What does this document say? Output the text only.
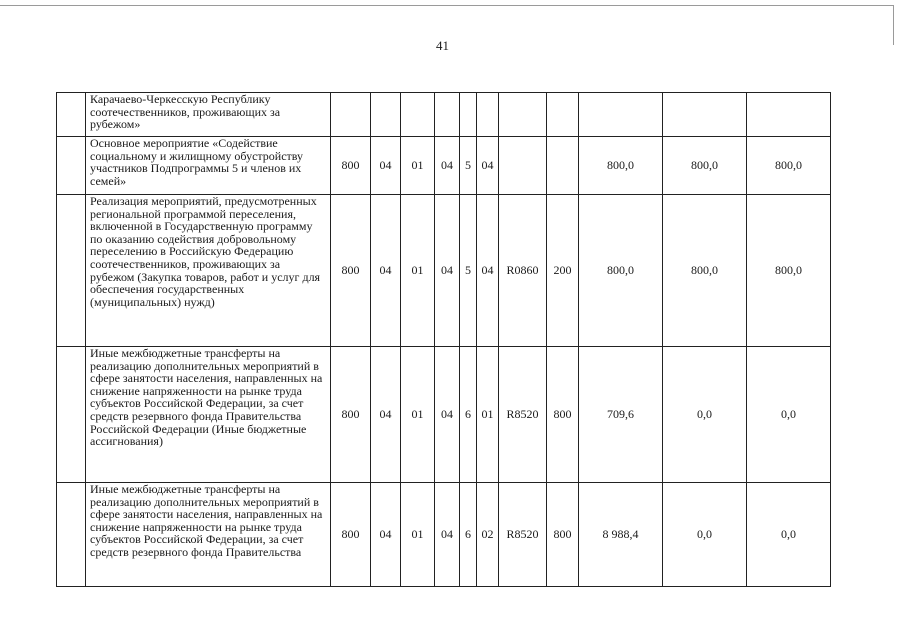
41
	Карачаево-Черкесскую Республику соотечественников, проживающих за рубежом»											
	Основное мероприятие «Содействие социальному и жилищному обустройству участников Подпрограммы 5 и членов их семей»	800	04	01	04	5	04			800,0	800,0	800,0
	Реализация мероприятий, предусмотренных региональной программой переселения, включенной в Государственную программу по оказанию содействия добровольному переселению в Российскую Федерацию соотечественников, проживающих за рубежом (Закупка товаров, работ и услуг для обеспечения государственных (муниципальных) нужд)	800	04	01	04	5	04	R0860	200	800,0	800,0	800,0
	Иные межбюджетные трансферты на реализацию дополнительных мероприятий в сфере занятости населения, направленных на снижение напряженности на рынке труда субъектов Российской Федерации, за счет средств резервного фонда Правительства Российской Федерации (Иные бюджетные ассигнования)	800	04	01	04	6	01	R8520	800	709,6	0,0	0,0
	Иные межбюджетные трансферты на реализацию дополнительных мероприятий в сфере занятости населения, направленных на снижение напряженности на рынке труда субъектов Российской Федерации, за счет средств резервного фонда Правительства	800	04	01	04	6	02	R8520	800	8 988,4	0,0	0,0
